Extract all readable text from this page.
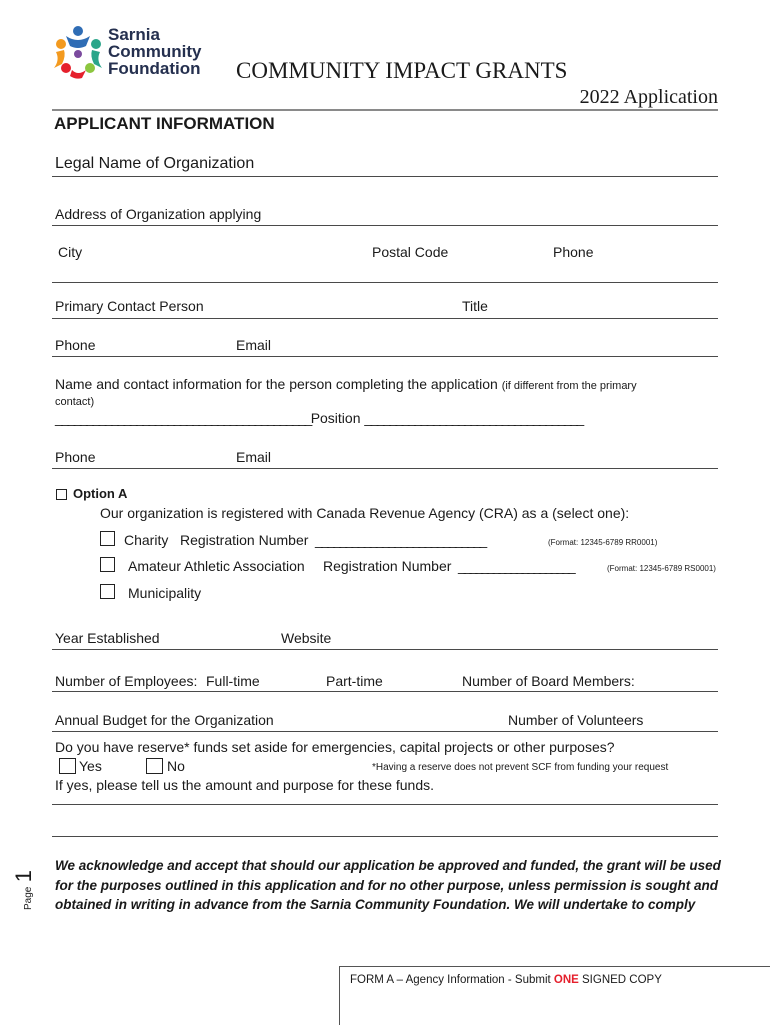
Sarnia
Community
Foundation COMMUNITY IMPACT GRANTS
2022 Application
APPLICANT INFORMATION
Legal Name of Organization
Address of Organization applying
City	Postal Code	Phone
Primary Contact Person	Title
Phone	Email
Name and contact information for the person completing the application (if different from the primary
contact)
_________________________________________Position ___________________________________
Phone	Email
Option A
Our organization is registered with Canada Revenue Agency (CRA) as a (select one):
Charity Registration Number ____________________________	(Format: 12345-6789 RR0001)
Amateur Athletic Association Registration Number ____________________	(Format: 12345-6789 RS0001)
Municipality
Year Established	Website
Number of Employees: Full-time	Part-time	Number of Board Members:
Annual Budget for the Organization	Number of Volunteers
Do you have reserve* funds set aside for emergencies, capital projects or other purposes?
Yes	No	*Having a reserve does not prevent SCF from funding your request
If yes, please tell us the amount and purpose for these funds.
We acknowledge and accept that should our application be approved and funded, the grant will be used
for the purposes outlined in this application and for no other purpose, unless permission is sought and
obtained in writing in advance from the Sarnia Community Foundation. We will undertake to comply
Page 1
FORM A – Agency Information - Submit ONE SIGNED COPY
